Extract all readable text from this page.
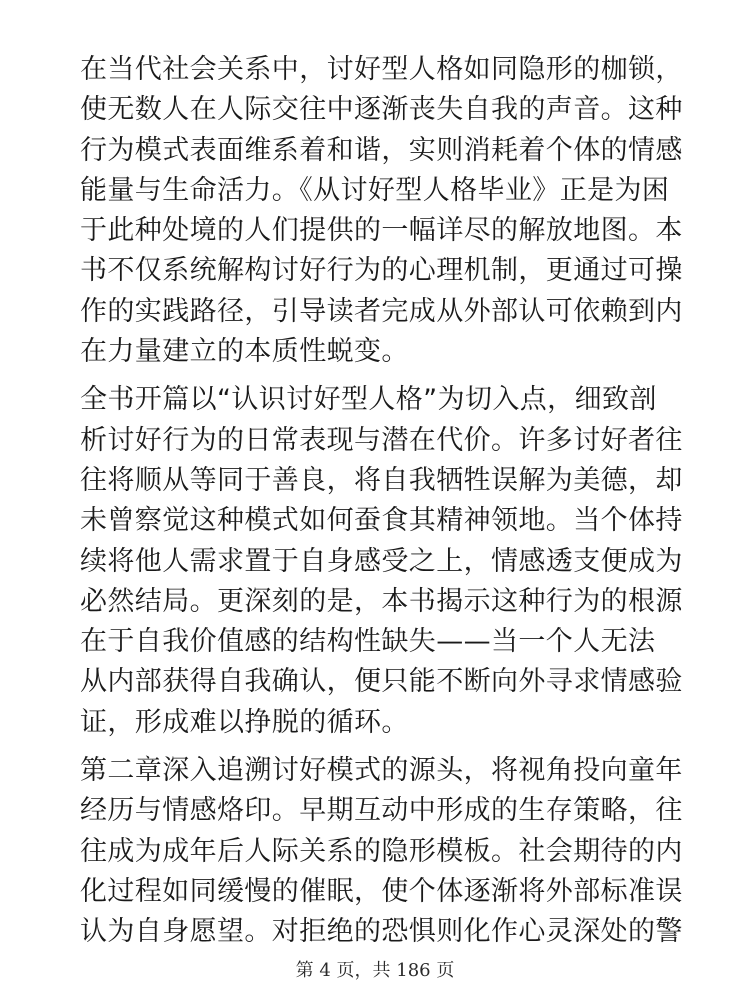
在当代社会关系中，讨好型人格如同隐形的枷锁，
使无数人在人际交往中逐渐丧失自我的声音。这种
行为模式表面维系着和谐，实则消耗着个体的情感
能量与生命活力。《从讨好型人格毕业》正是为困
于此种处境的人们提供的一幅详尽的解放地图。本
书不仅系统解构讨好行为的心理机制，更通过可操
作的实践路径，引导读者完成从外部认可依赖到内
在力量建立的本质性蜕变。

全书开篇以“认识讨好型人格”为切入点，细致剖
析讨好行为的日常表现与潜在代价。许多讨好者往
往将顺从等同于善良，将自我牺牲误解为美德，却
未曾察觉这种模式如何蚕食其精神领地。当个体持
续将他人需求置于自身感受之上，情感透支便成为
必然结局。更深刻的是，本书揭示这种行为的根源
在于自我价值感的结构性缺失——当一个人无法
从内部获得自我确认，便只能不断向外寻求情感验
证，形成难以挣脱的循环。

第二章深入追溯讨好模式的源头，将视角投向童年
经历与情感烙印。早期互动中形成的生存策略，往
往成为成年后人际关系的隐形模板。社会期待的内
化过程如同缓慢的催眠，使个体逐渐将外部标准误
认为自身愿望。对拒绝的恐惧则化作心灵深处的警

第 4 页，共 186 页
